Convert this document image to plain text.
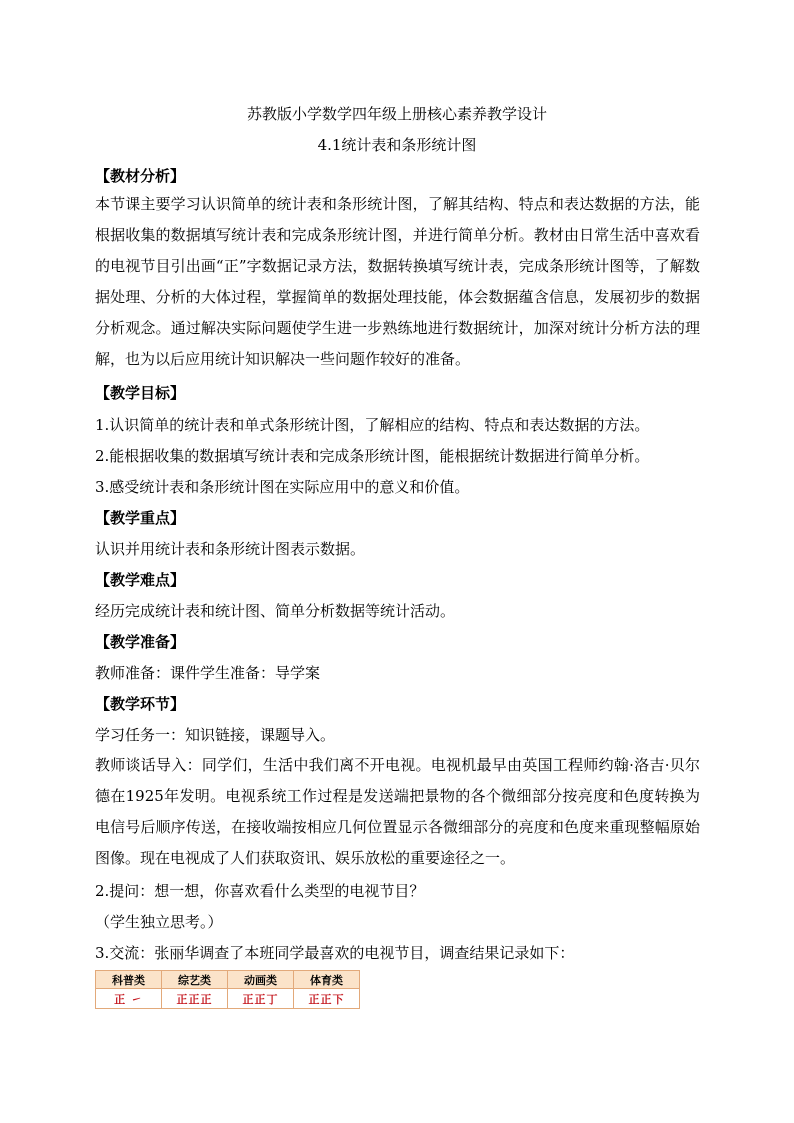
苏教版小学数学四年级上册核心素养教学设计
4.1统计表和条形统计图
【教材分析】
本节课主要学习认识简单的统计表和条形统计图，了解其结构、特点和表达数据的方法，能根据收集的数据填写统计表和完成条形统计图，并进行简单分析。教材由日常生活中喜欢看的电视节目引出画“正”字数据记录方法，数据转换填写统计表，完成条形统计图等，了解数据处理、分析的大体过程，掌握简单的数据处理技能，体会数据蕴含信息，发展初步的数据分析观念。通过解决实际问题使学生进一步熟练地进行数据统计，加深对统计分析方法的理解，也为以后应用统计知识解决一些问题作较好的准备。
【教学目标】
1.认识简单的统计表和单式条形统计图，了解相应的结构、特点和表达数据的方法。
2.能根据收集的数据填写统计表和完成条形统计图，能根据统计数据进行简单分析。
3.感受统计表和条形统计图在实际应用中的意义和价值。
【教学重点】
认识并用统计表和条形统计图表示数据。
【教学难点】
经历完成统计表和统计图、简单分析数据等统计活动。
【教学准备】
教师准备：课件学生准备：导学案
【教学环节】
学习任务一：知识链接，课题导入。
教师谈话导入：同学们，生活中我们离不开电视。电视机最早由英国工程师约翰·洛吉·贝尔德在1925年发明。电视系统工作过程是发送端把景物的各个微细部分按亮度和色度转换为电信号后顺序传送，在接收端按相应几何位置显示各微细部分的亮度和色度来重现整幅原始图像。现在电视成了人们获取资讯、娱乐放松的重要途径之一。
2.提问：想一想，你喜欢看什么类型的电视节目？
（学生独立思考。）
3.交流：张丽华调查了本班同学最喜欢的电视节目，调查结果记录如下：
科普类	综艺类	动画类	体育类
正 ㇀	正正正	正正丁	正正下
